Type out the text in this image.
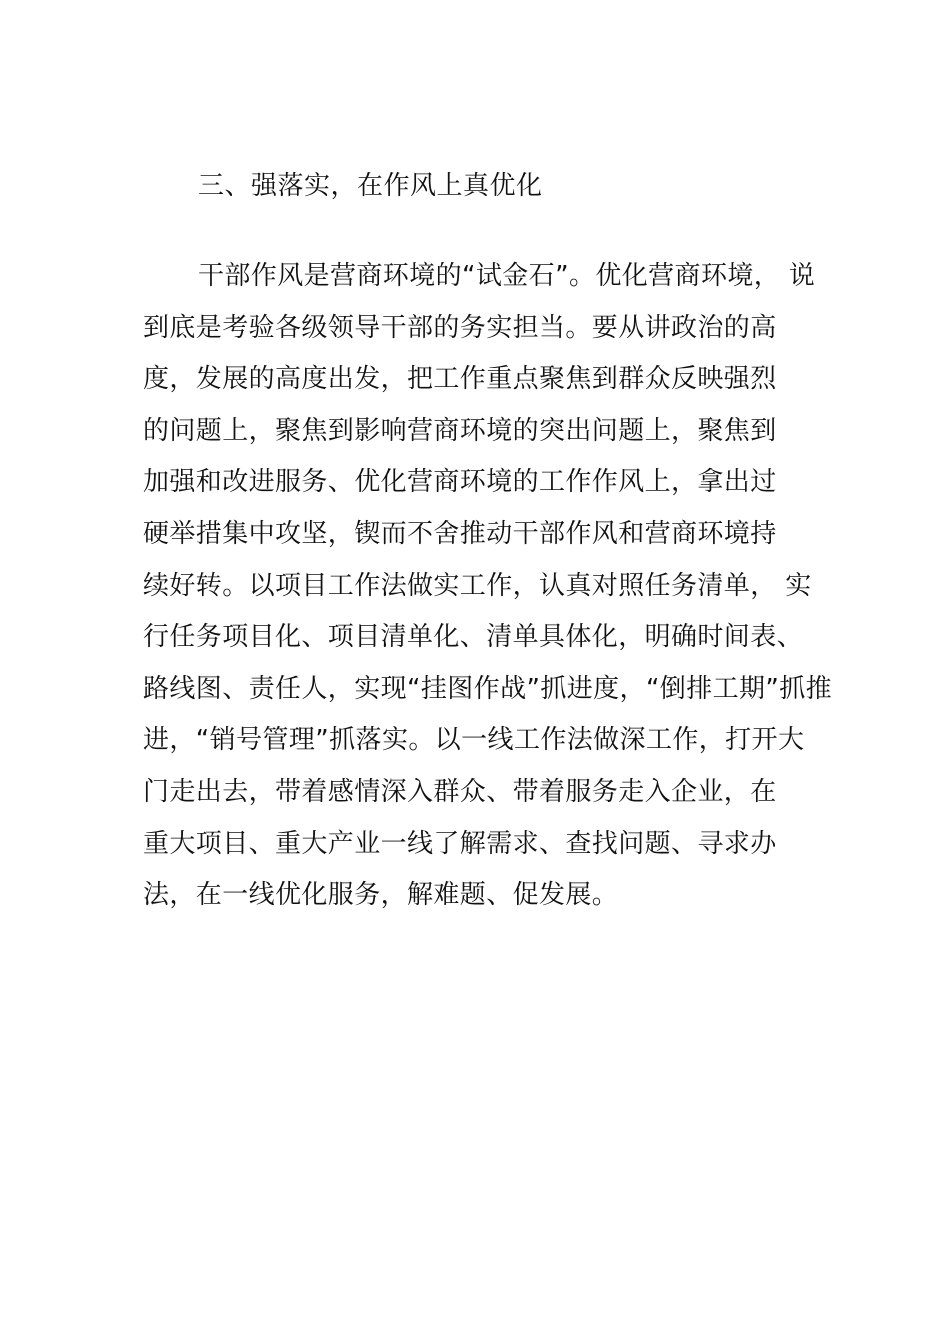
三、强落实，在作风上真优化
干部作风是营商环境的“试金石”。优化营商环境， 说
到底是考验各级领导干部的务实担当。要从讲政治的高
度，发展的高度出发，把工作重点聚焦到群众反映强烈
的问题上，聚焦到影响营商环境的突出问题上，聚焦到
加强和改进服务、优化营商环境的工作作风上，拿出过
硬举措集中攻坚，锲而不舍推动干部作风和营商环境持
续好转。以项目工作法做实工作，认真对照任务清单， 实
行任务项目化、项目清单化、清单具体化，明确时间表、
路线图、责任人，实现“挂图作战”抓进度，“倒排工期”抓推
进，“销号管理”抓落实。以一线工作法做深工作，打开大
门走出去，带着感情深入群众、带着服务走入企业，在
重大项目、重大产业一线了解需求、查找问题、寻求办
法，在一线优化服务，解难题、促发展。
